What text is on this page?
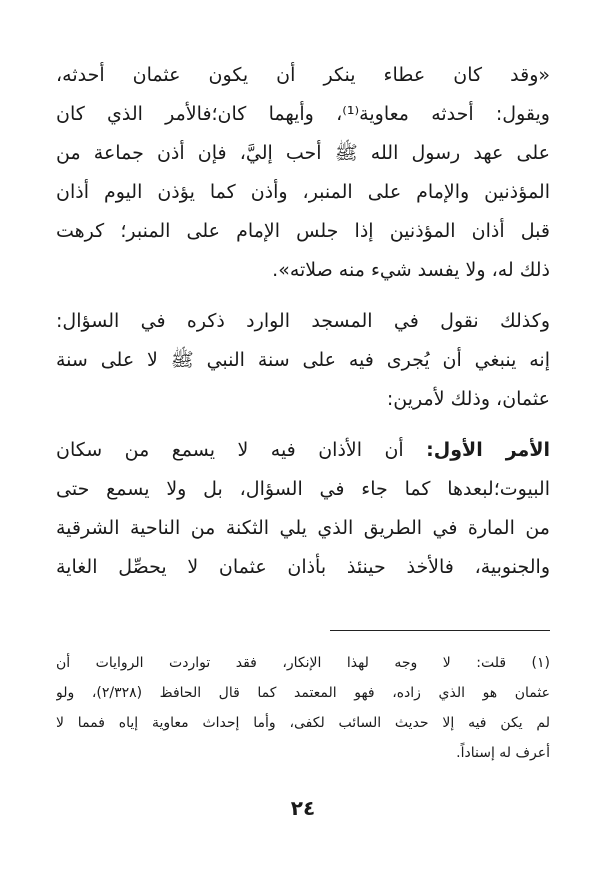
«وقد كان عطاء ينكر أن يكون عثمان أحدثه،
ويقول: أحدثه معاوية⁽¹⁾، وأيهما كان؛فالأمر الذي كان
على عهد رسول الله ﷺ أحب إليَّ، فإن أذن جماعة من
المؤذنين والإمام على المنبر، وأذن كما يؤذن اليوم أذان
قبل أذان المؤذنين إذا جلس الإمام على المنبر؛ كرهت
ذلك له، ولا يفسد شيء منه صلاته».
وكذلك نقول في المسجد الوارد ذكره في السؤال:
إنه ينبغي أن يُجرى فيه على سنة النبي ﷺ لا على سنة
عثمان، وذلك لأمرين:
الأمر الأول: أن الأذان فيه لا يسمع من سكان
البيوت؛لبعدها كما جاء في السؤال، بل ولا يسمع حتى
من المارة في الطريق الذي يلي الثكنة من الناحية الشرقية
والجنوبية، فالأخذ حينئذ بأذان عثمان لا يحصِّل الغاية
(١) قلت: لا وجه لهذا الإنكار، فقد تواردت الروايات أن
عثمان هو الذي زاده، فهو المعتمد كما قال الحافظ (٢/٣٢٨)، ولو
لم يكن فيه إلا حديث السائب لكفى، وأما إحداث معاوية إياه فمما لا
أعرف له إسناداً.
٢٤
